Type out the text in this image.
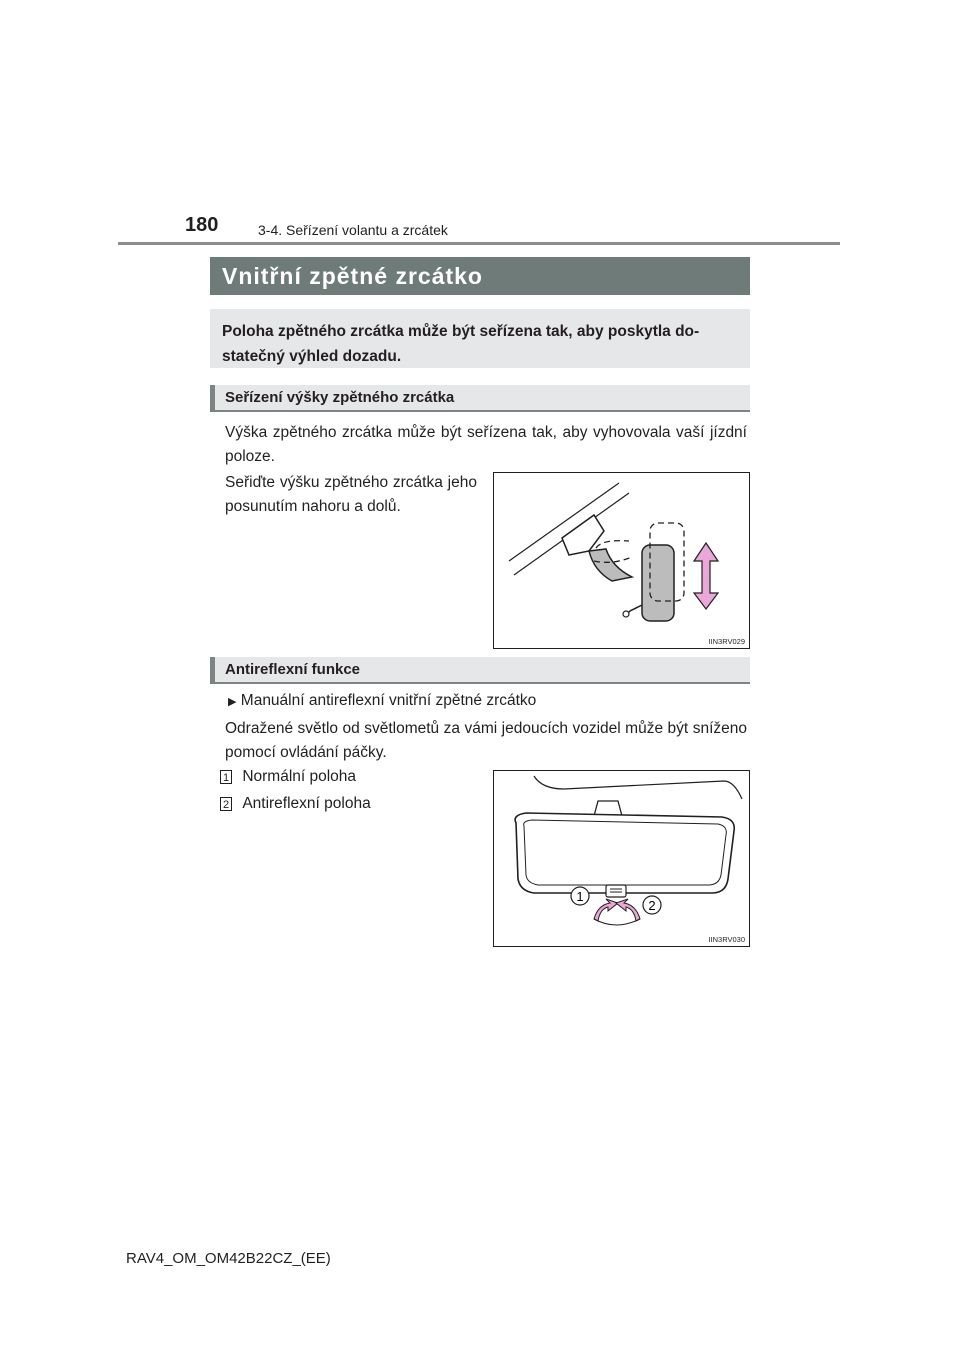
180	3-4. Seřízení volantu a zrcátek
Vnitřní zpětné zrcátko
Poloha zpětného zrcátka může být seřízena tak, aby poskytla do-statečný výhled dozadu.
Seřízení výšky zpětného zrcátka
Výška zpětného zrcátka může být seřízena tak, aby vyhovovala vaší jízdní poloze.
Seřiďte výšku zpětného zrcátka jeho posunutím nahoru a dolů.
IIN3RV029
Antireflexní funkce
▶ Manuální antireflexní vnitřní zpětné zrcátko
Odražené světlo od světlometů za vámi jedoucích vozidel může být sníženo pomocí ovládání páčky.
1 Normální poloha
2 Antireflexní poloha
1
2
IIN3RV030
RAV4_OM_OM42B22CZ_(EE)
